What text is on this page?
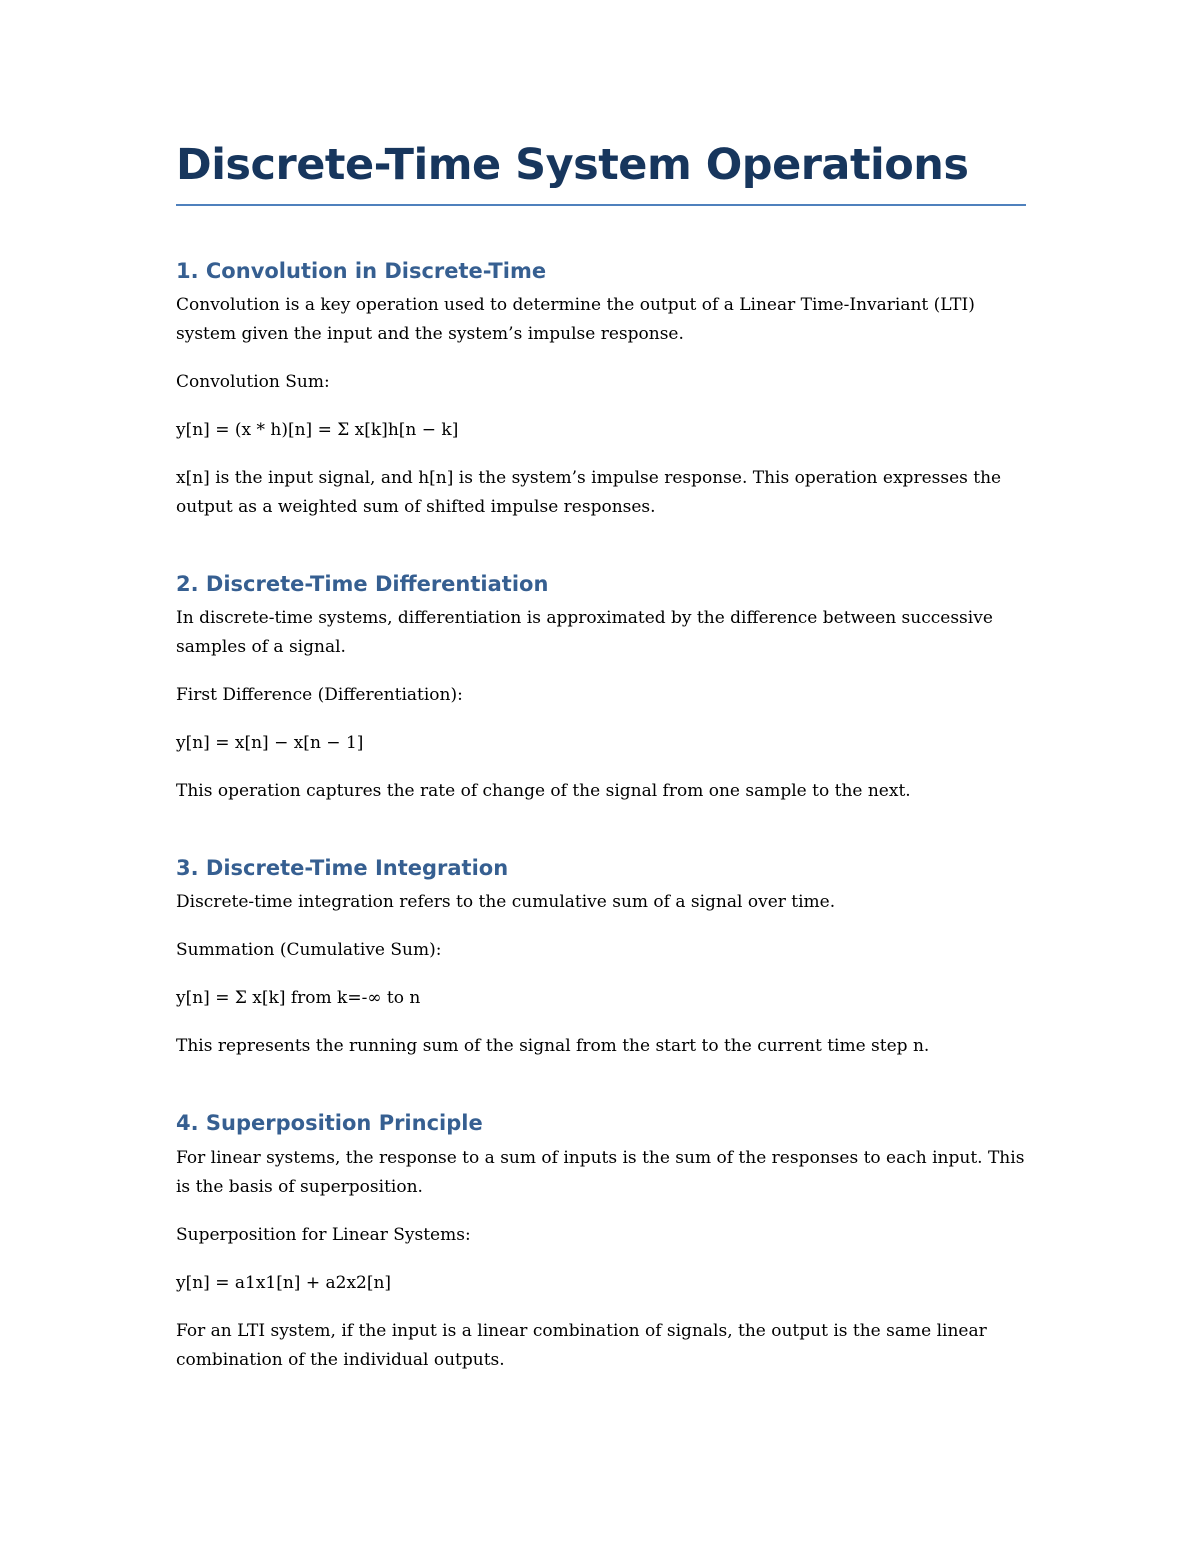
Discrete-Time System Operations
1. Convolution in Discrete-Time

Convolution is a key operation used to determine the output of a Linear Time-Invariant (LTI) system given the input and the system’s impulse response.

Convolution Sum:

y[n] = (x * h)[n] = Σ x[k]h[n − k]

x[n] is the input signal, and h[n] is the system’s impulse response. This operation expresses the output as a weighted sum of shifted impulse responses.

2. Discrete-Time Differentiation

In discrete-time systems, differentiation is approximated by the difference between successive samples of a signal.

First Difference (Differentiation):

y[n] = x[n] − x[n − 1]

This operation captures the rate of change of the signal from one sample to the next.

3. Discrete-Time Integration

Discrete-time integration refers to the cumulative sum of a signal over time.

Summation (Cumulative Sum):

y[n] = Σ x[k] from k=-∞ to n

This represents the running sum of the signal from the start to the current time step n.

4. Superposition Principle

For linear systems, the response to a sum of inputs is the sum of the responses to each input. This is the basis of superposition.

Superposition for Linear Systems:

y[n] = a1x1[n] + a2x2[n]

For an LTI system, if the input is a linear combination of signals, the output is the same linear combination of the individual outputs.
